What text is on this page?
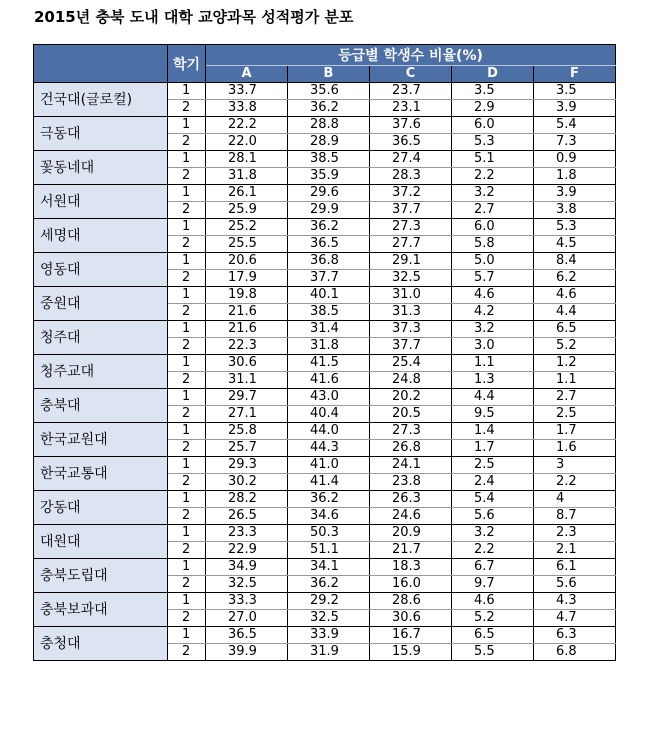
2015년 충북 도내 대학 교양과목 성적평가 분포
	학기	등급별 학생수 비율(%)				
		A	B	C	D	F
건국대(글로컬)	1	33.7	35.6	23.7	3.5	3.5
	2	33.8	36.2	23.1	2.9	3.9
극동대	1	22.2	28.8	37.6	6.0	5.4
	2	22.0	28.9	36.5	5.3	7.3
꽃동네대	1	28.1	38.5	27.4	5.1	0.9
	2	31.8	35.9	28.3	2.2	1.8
서원대	1	26.1	29.6	37.2	3.2	3.9
	2	25.9	29.9	37.7	2.7	3.8
세명대	1	25.2	36.2	27.3	6.0	5.3
	2	25.5	36.5	27.7	5.8	4.5
영동대	1	20.6	36.8	29.1	5.0	8.4
	2	17.9	37.7	32.5	5.7	6.2
중원대	1	19.8	40.1	31.0	4.6	4.6
	2	21.6	38.5	31.3	4.2	4.4
청주대	1	21.6	31.4	37.3	3.2	6.5
	2	22.3	31.8	37.7	3.0	5.2
청주교대	1	30.6	41.5	25.4	1.1	1.2
	2	31.1	41.6	24.8	1.3	1.1
충북대	1	29.7	43.0	20.2	4.4	2.7
	2	27.1	40.4	20.5	9.5	2.5
한국교원대	1	25.8	44.0	27.3	1.4	1.7
	2	25.7	44.3	26.8	1.7	1.6
한국교통대	1	29.3	41.0	24.1	2.5	3
	2	30.2	41.4	23.8	2.4	2.2
강동대	1	28.2	36.2	26.3	5.4	4
	2	26.5	34.6	24.6	5.6	8.7
대원대	1	23.3	50.3	20.9	3.2	2.3
	2	22.9	51.1	21.7	2.2	2.1
충북도립대	1	34.9	34.1	18.3	6.7	6.1
	2	32.5	36.2	16.0	9.7	5.6
충북보과대	1	33.3	29.2	28.6	4.6	4.3
	2	27.0	32.5	30.6	5.2	4.7
충청대	1	36.5	33.9	16.7	6.5	6.3
	2	39.9	31.9	15.9	5.5	6.8
